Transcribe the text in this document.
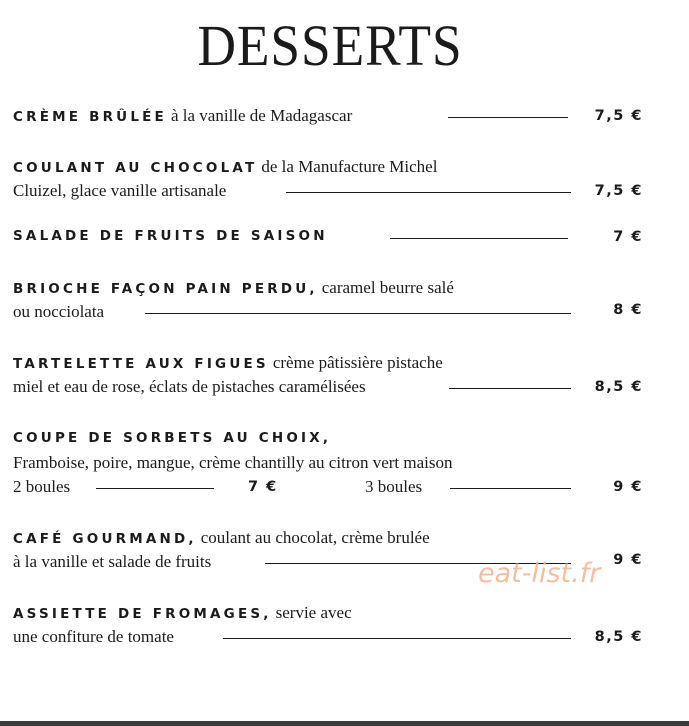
DESSERTS
CRÈME BRÛLÉE à la vanille de Madagascar	7,5 €
COULANT AU CHOCOLAT de la Manufacture Michel
Cluizel, glace vanille artisanale	7,5 €
SALADE DE FRUITS DE SAISON	7 €
BRIOCHE FAÇON PAIN PERDU, caramel beurre salé
ou nocciolata	8 €
TARTELETTE AUX FIGUES crème pâtissière pistache
miel et eau de rose, éclats de pistaches caramélisées	8,5 €
COUPE DE SORBETS AU CHOIX,
Framboise, poire, mangue, crème chantilly au citron vert maison
2 boules	7 €	3 boules	9 €
CAFÉ GOURMAND, coulant au chocolat, crème brulée
à la vanille et salade de fruits	9 €
ASSIETTE DE FROMAGES, servie avec
une confiture de tomate	8,5 €
eat-list.fr
